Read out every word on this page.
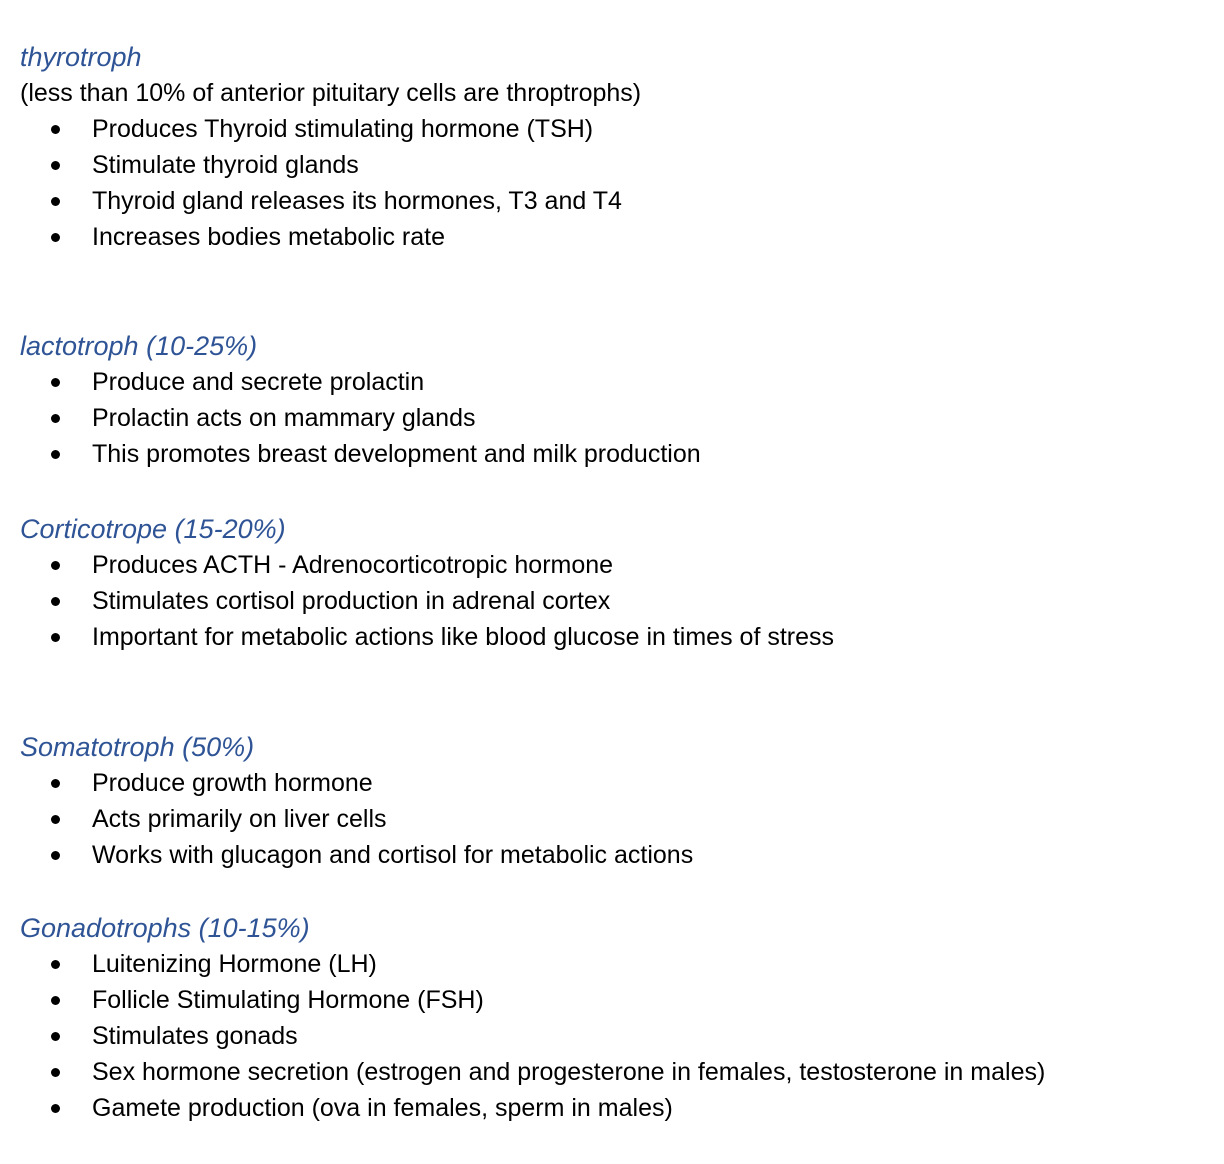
thyrotroph
(less than 10% of anterior pituitary cells are throptrophs)
Produces Thyroid stimulating hormone (TSH)
Stimulate thyroid glands
Thyroid gland releases its hormones, T3 and T4
Increases bodies metabolic rate
lactotroph (10-25%)
Produce and secrete prolactin
Prolactin acts on mammary glands
This promotes breast development and milk production
Corticotrope (15-20%)
Produces ACTH - Adrenocorticotropic hormone
Stimulates cortisol production in adrenal cortex
Important for metabolic actions like blood glucose in times of stress
Somatotroph (50%)
Produce growth hormone
Acts primarily on liver cells
Works with glucagon and cortisol for metabolic actions
Gonadotrophs (10-15%)
Luitenizing Hormone (LH)
Follicle Stimulating Hormone (FSH)
Stimulates gonads
Sex hormone secretion (estrogen and progesterone in females, testosterone in males)
Gamete production (ova in females, sperm in males)
